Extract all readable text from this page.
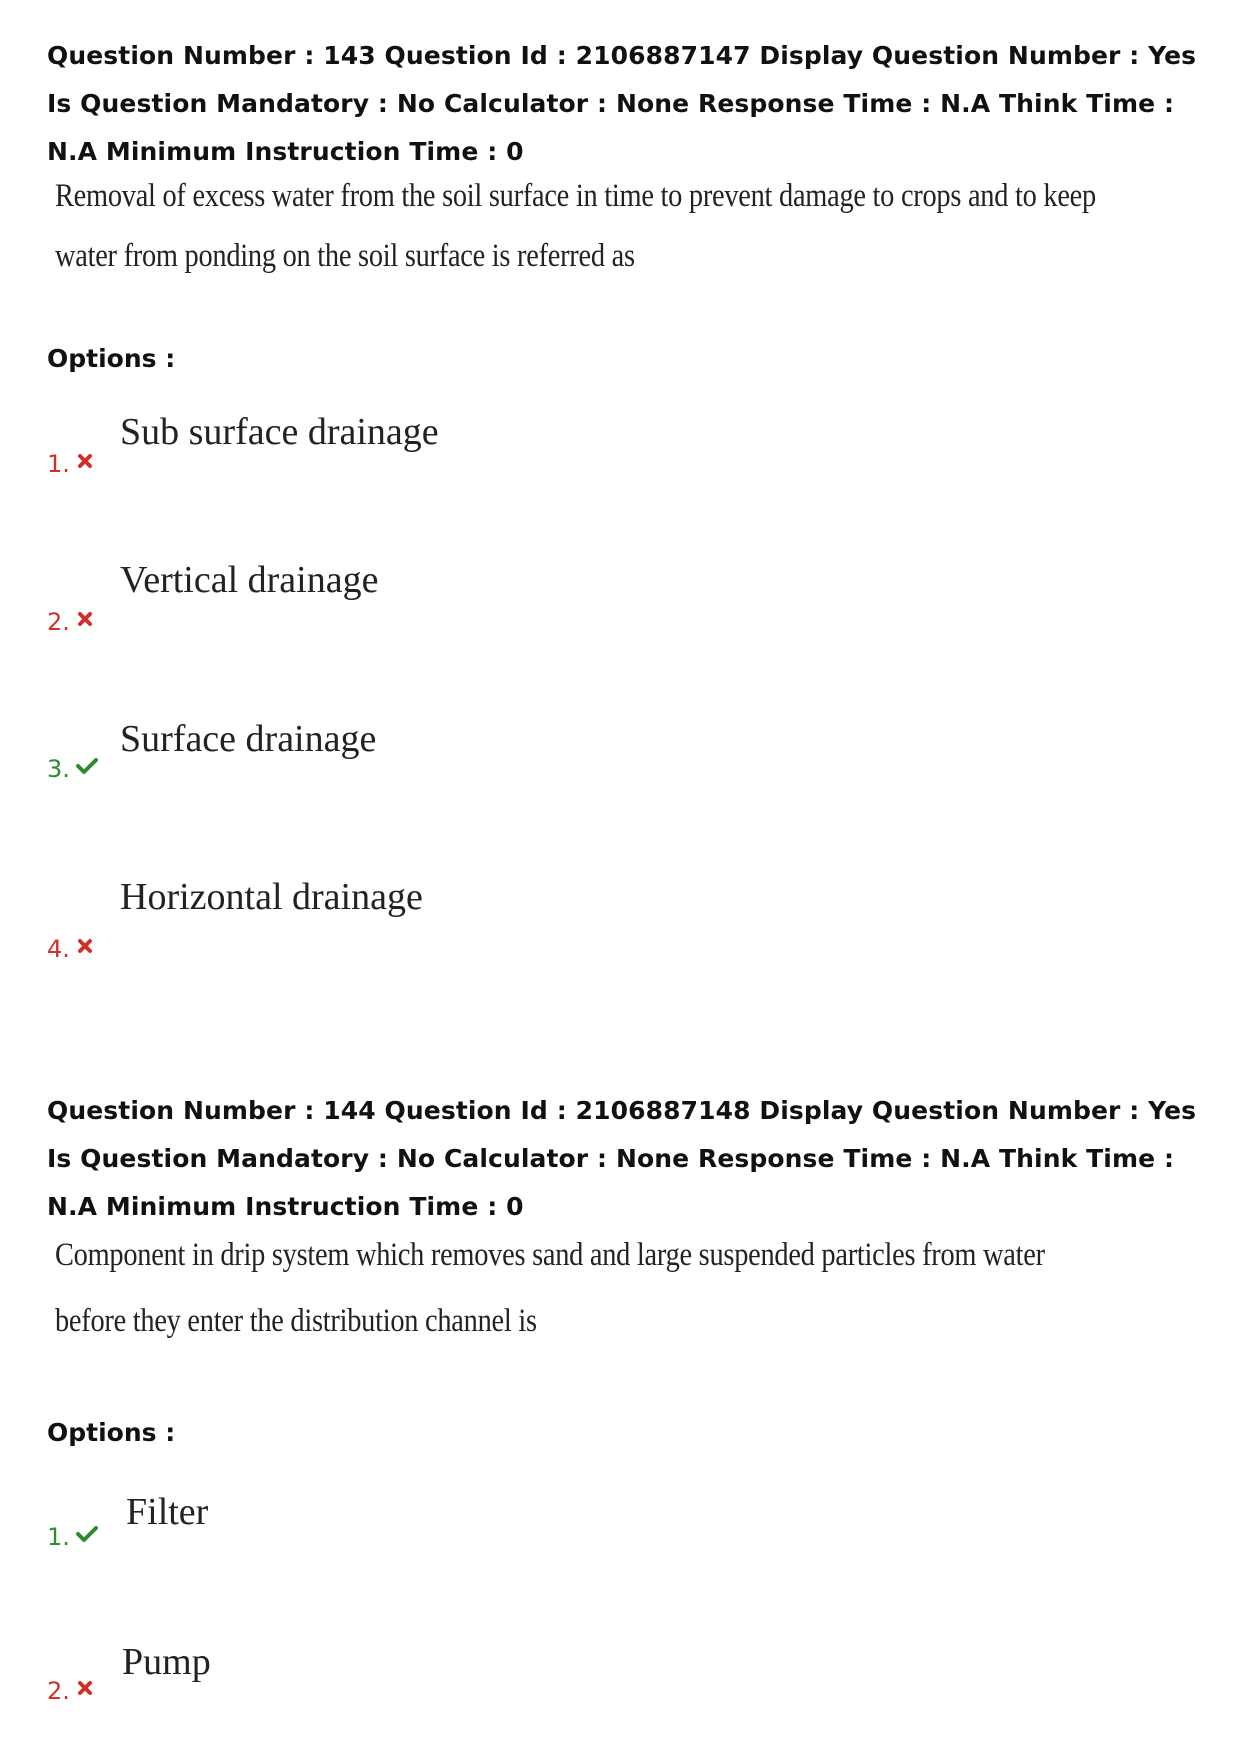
Question Number : 143 Question Id : 2106887147 Display Question Number : Yes Is Question Mandatory : No Calculator : None Response Time : N.A Think Time : N.A Minimum Instruction Time : 0
Removal of excess water from the soil surface in time to prevent damage to crops and to keep
water from ponding on the soil surface is referred as
Options :
Sub surface drainage
1.
Vertical drainage
2.
Surface drainage
3.
Horizontal drainage
4.
Question Number : 144 Question Id : 2106887148 Display Question Number : Yes Is Question Mandatory : No Calculator : None Response Time : N.A Think Time : N.A Minimum Instruction Time : 0
Component in drip system which removes sand and large suspended particles from water
before they enter the distribution channel is
Options :
Filter
1.
Pump
2.
